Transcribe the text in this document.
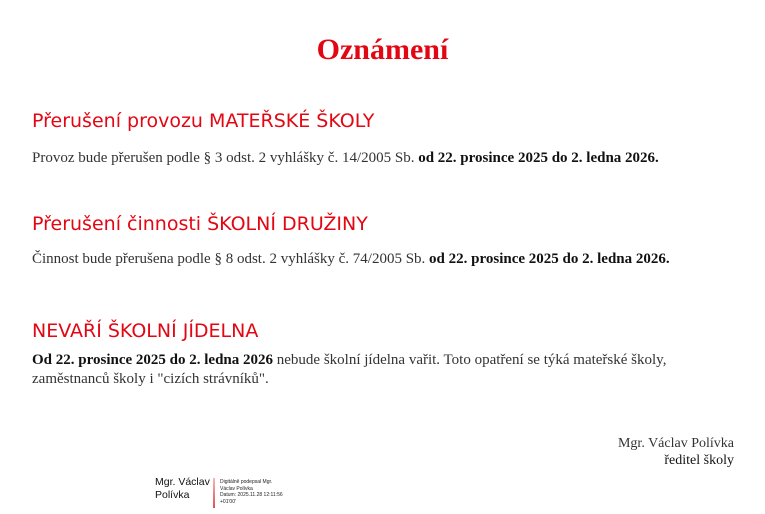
Oznámení
Přerušení provozu MATEŘSKÉ ŠKOLY

Provoz bude přerušen podle § 3 odst. 2 vyhlášky č. 14/2005 Sb. od 22. prosince 2025 do 2. ledna 2026.

Přerušení činnosti ŠKOLNÍ DRUŽINY

Činnost bude přerušena podle § 8 odst. 2 vyhlášky č. 74/2005 Sb. od 22. prosince 2025 do 2. ledna 2026.

NEVAŘÍ ŠKOLNÍ JÍDELNA

Od 22. prosince 2025 do 2. ledna 2026 nebude školní jídelna vařit. Toto opatření se týká mateřské školy, zaměstnanců školy i "cizích strávníků".

Mgr. Václav Polívka

ředitel školy

Mgr. Václav Polívka
Digitálně podepsal Mgr.
Václav Polívka
Datum: 2025.11.28 12:11:56
+01'00'
